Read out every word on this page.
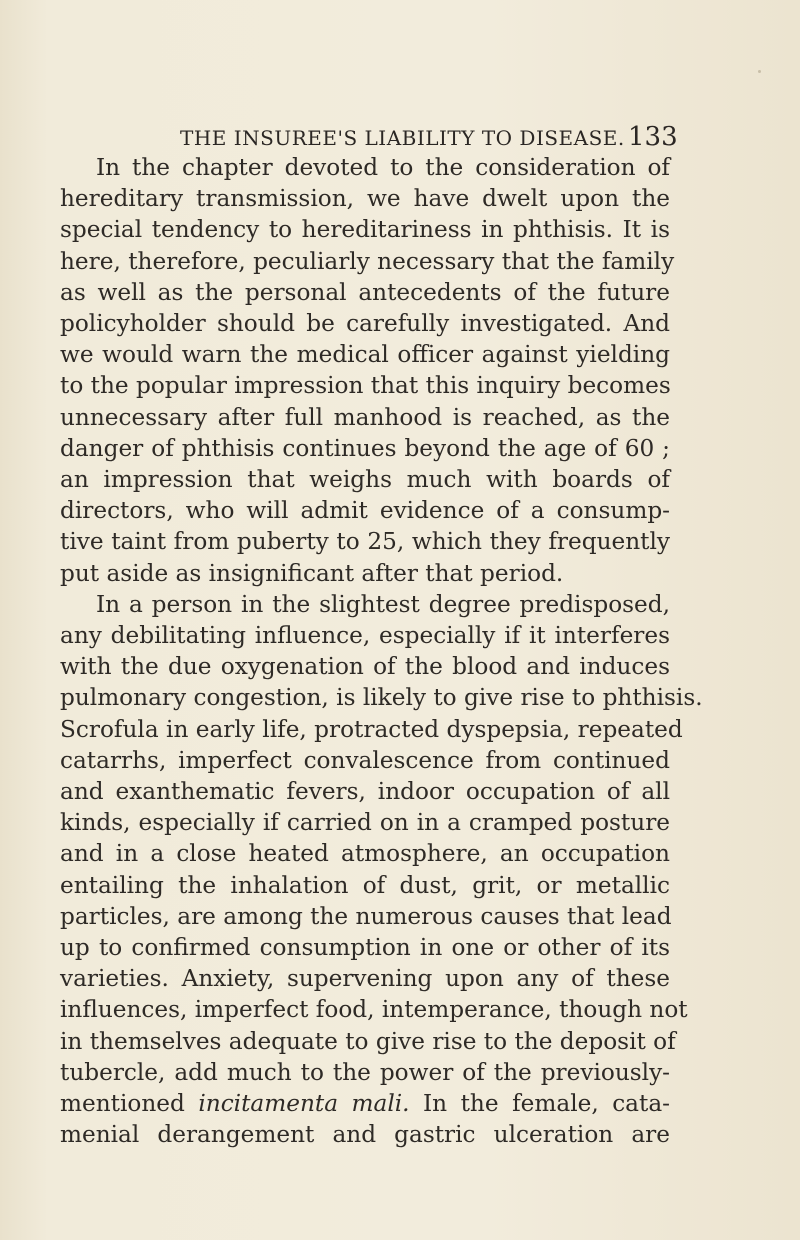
THE INSUREE'S LIABILITY TO DISEASE. 133
In the chapter devoted to the consideration of
hereditary transmission, we have dwelt upon the
special tendency to hereditariness in phthisis. It is
here, therefore, peculiarly necessary that the family
as well as the personal antecedents of the future
policyholder should be carefully investigated. And
we would warn the medical officer against yielding
to the popular impression that this inquiry becomes
unnecessary after full manhood is reached, as the
danger of phthisis continues beyond the age of 60 ;
an impression that weighs much with boards of
directors, who will admit evidence of a consump-
tive taint from puberty to 25, which they frequently
put aside as insignificant after that period.
In a person in the slightest degree predisposed,
any debilitating influence, especially if it interferes
with the due oxygenation of the blood and induces
pulmonary congestion, is likely to give rise to phthisis.
Scrofula in early life, protracted dyspepsia, repeated
catarrhs, imperfect convalescence from continued
and exanthematic fevers, indoor occupation of all
kinds, especially if carried on in a cramped posture
and in a close heated atmosphere, an occupation
entailing the inhalation of dust, grit, or metallic
particles, are among the numerous causes that lead
up to confirmed consumption in one or other of its
varieties. Anxiety, supervening upon any of these
influences, imperfect food, intemperance, though not
in themselves adequate to give rise to the deposit of
tubercle, add much to the power of the previously-
mentioned incitamenta mali. In the female, cata-
menial derangement and gastric ulceration are
